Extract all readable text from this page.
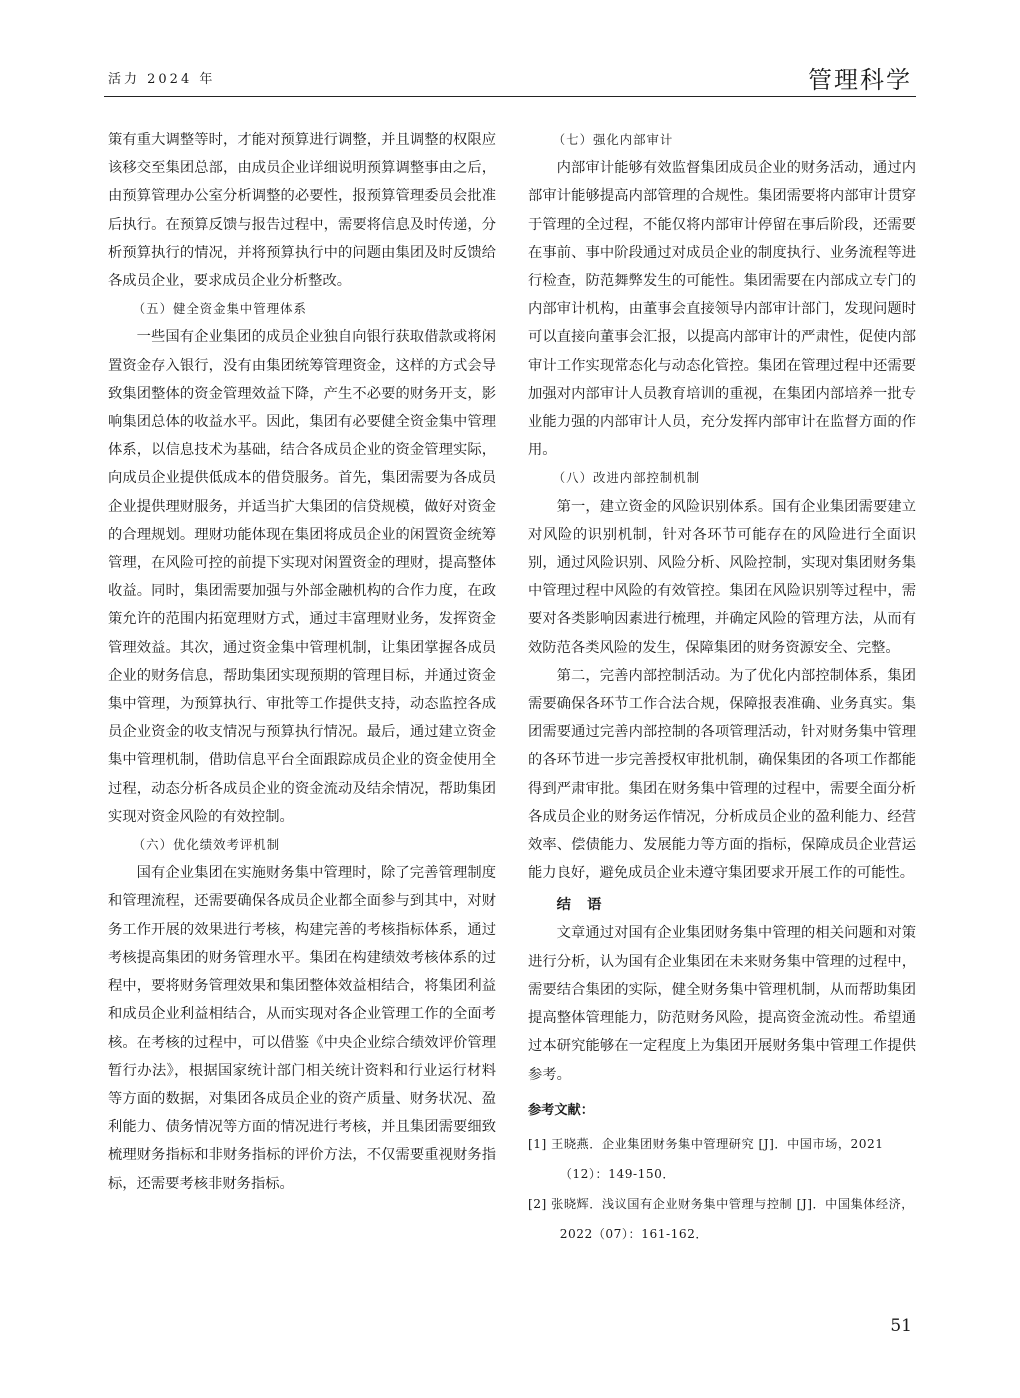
活力 2024 年	管理科学

策有重大调整等时，才能对预算进行调整，并且调整的权限应该移交至集团总部，由成员企业详细说明预算调整事由之后，由预算管理办公室分析调整的必要性，报预算管理委员会批准后执行。在预算反馈与报告过程中，需要将信息及时传递，分析预算执行的情况，并将预算执行中的问题由集团及时反馈给各成员企业，要求成员企业分析整改。

（五）健全资金集中管理体系

一些国有企业集团的成员企业独自向银行获取借款或将闲置资金存入银行，没有由集团统筹管理资金，这样的方式会导致集团整体的资金管理效益下降，产生不必要的财务开支，影响集团总体的收益水平。因此，集团有必要健全资金集中管理体系，以信息技术为基础，结合各成员企业的资金管理实际，向成员企业提供低成本的借贷服务。首先，集团需要为各成员企业提供理财服务，并适当扩大集团的信贷规模，做好对资金的合理规划。理财功能体现在集团将成员企业的闲置资金统筹管理，在风险可控的前提下实现对闲置资金的理财，提高整体收益。同时，集团需要加强与外部金融机构的合作力度，在政策允许的范围内拓宽理财方式，通过丰富理财业务，发挥资金管理效益。其次，通过资金集中管理机制，让集团掌握各成员企业的财务信息，帮助集团实现预期的管理目标，并通过资金集中管理，为预算执行、审批等工作提供支持，动态监控各成员企业资金的收支情况与预算执行情况。最后，通过建立资金集中管理机制，借助信息平台全面跟踪成员企业的资金使用全过程，动态分析各成员企业的资金流动及结余情况，帮助集团实现对资金风险的有效控制。

（六）优化绩效考评机制

国有企业集团在实施财务集中管理时，除了完善管理制度和管理流程，还需要确保各成员企业都全面参与到其中，对财务工作开展的效果进行考核，构建完善的考核指标体系，通过考核提高集团的财务管理水平。集团在构建绩效考核体系的过程中，要将财务管理效果和集团整体效益相结合，将集团利益和成员企业利益相结合，从而实现对各企业管理工作的全面考核。在考核的过程中，可以借鉴《中央企业综合绩效评价管理暂行办法》，根据国家统计部门相关统计资料和行业运行材料等方面的数据，对集团各成员企业的资产质量、财务状况、盈利能力、债务情况等方面的情况进行考核，并且集团需要细致梳理财务指标和非财务指标的评价方法，不仅需要重视财务指标，还需要考核非财务指标。

（七）强化内部审计

内部审计能够有效监督集团成员企业的财务活动，通过内部审计能够提高内部管理的合规性。集团需要将内部审计贯穿于管理的全过程，不能仅将内部审计停留在事后阶段，还需要在事前、事中阶段通过对成员企业的制度执行、业务流程等进行检查，防范舞弊发生的可能性。集团需要在内部成立专门的内部审计机构，由董事会直接领导内部审计部门，发现问题时可以直接向董事会汇报，以提高内部审计的严肃性，促使内部审计工作实现常态化与动态化管控。集团在管理过程中还需要加强对内部审计人员教育培训的重视，在集团内部培养一批专业能力强的内部审计人员，充分发挥内部审计在监督方面的作用。

（八）改进内部控制机制

第一，建立资金的风险识别体系。国有企业集团需要建立对风险的识别机制，针对各环节可能存在的风险进行全面识别，通过风险识别、风险分析、风险控制，实现对集团财务集中管理过程中风险的有效管控。集团在风险识别等过程中，需要对各类影响因素进行梳理，并确定风险的管理方法，从而有效防范各类风险的发生，保障集团的财务资源安全、完整。

第二，完善内部控制活动。为了优化内部控制体系，集团需要确保各环节工作合法合规，保障报表准确、业务真实。集团需要通过完善内部控制的各项管理活动，针对财务集中管理的各环节进一步完善授权审批机制，确保集团的各项工作都能得到严肃审批。集团在财务集中管理的过程中，需要全面分析各成员企业的财务运作情况，分析成员企业的盈利能力、经营效率、偿债能力、发展能力等方面的指标，保障成员企业营运能力良好，避免成员企业未遵守集团要求开展工作的可能性。

结　语

文章通过对国有企业集团财务集中管理的相关问题和对策进行分析，认为国有企业集团在未来财务集中管理的过程中，需要结合集团的实际，健全财务集中管理机制，从而帮助集团提高整体管理能力，防范财务风险，提高资金流动性。希望通过本研究能够在一定程度上为集团开展财务集中管理工作提供参考。

参考文献：

[1] 王晓燕．企业集团财务集中管理研究 [J]．中国市场，2021（12）：149-150．

[2] 张晓辉．浅议国有企业财务集中管理与控制 [J]．中国集体经济，2022（07）：161-162．

51
